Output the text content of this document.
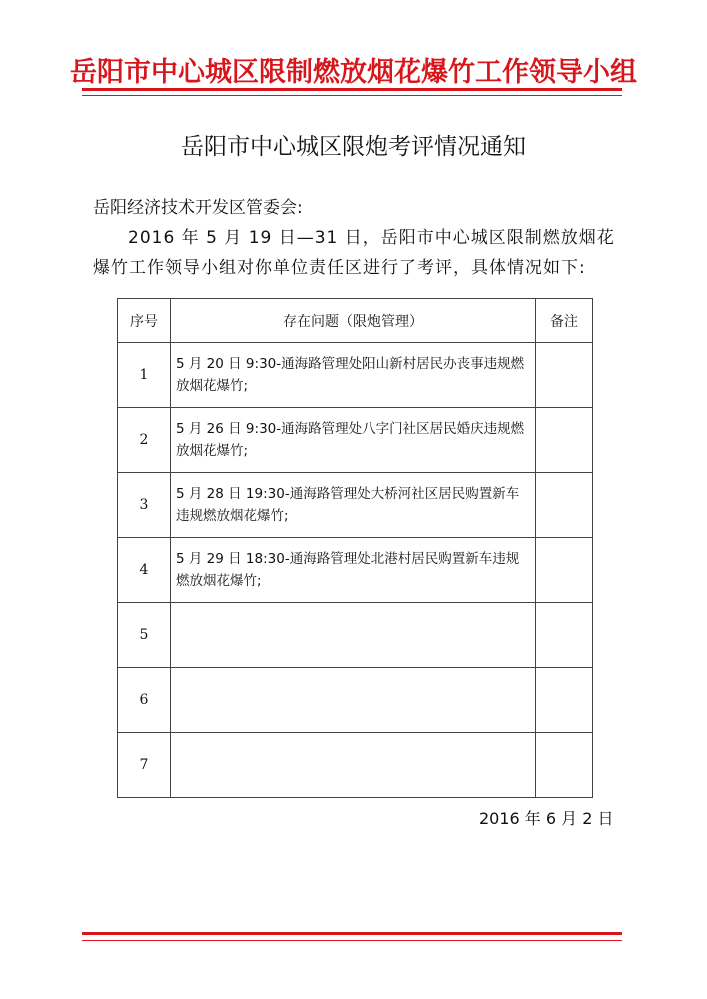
岳阳市中心城区限制燃放烟花爆竹工作领导小组
岳阳市中心城区限炮考评情况通知
岳阳经济技术开发区管委会:
2016 年 5 月 19 日—31 日，岳阳市中心城区限制燃放烟花
爆竹工作领导小组对你单位责任区进行了考评，具体情况如下:
序号	存在问题（限炮管理）	备注
1	5 月 20 日 9:30-通海路管理处阳山新村居民办丧事违规燃放烟花爆竹;	
2	5 月 26 日 9:30-通海路管理处八字门社区居民婚庆违规燃放烟花爆竹;	
3	5 月 28 日 19:30-通海路管理处大桥河社区居民购置新车违规燃放烟花爆竹;	
4	5 月 29 日 18:30-通海路管理处北港村居民购置新车违规燃放烟花爆竹;	
5		
6		
7		
2016 年 6 月 2 日
